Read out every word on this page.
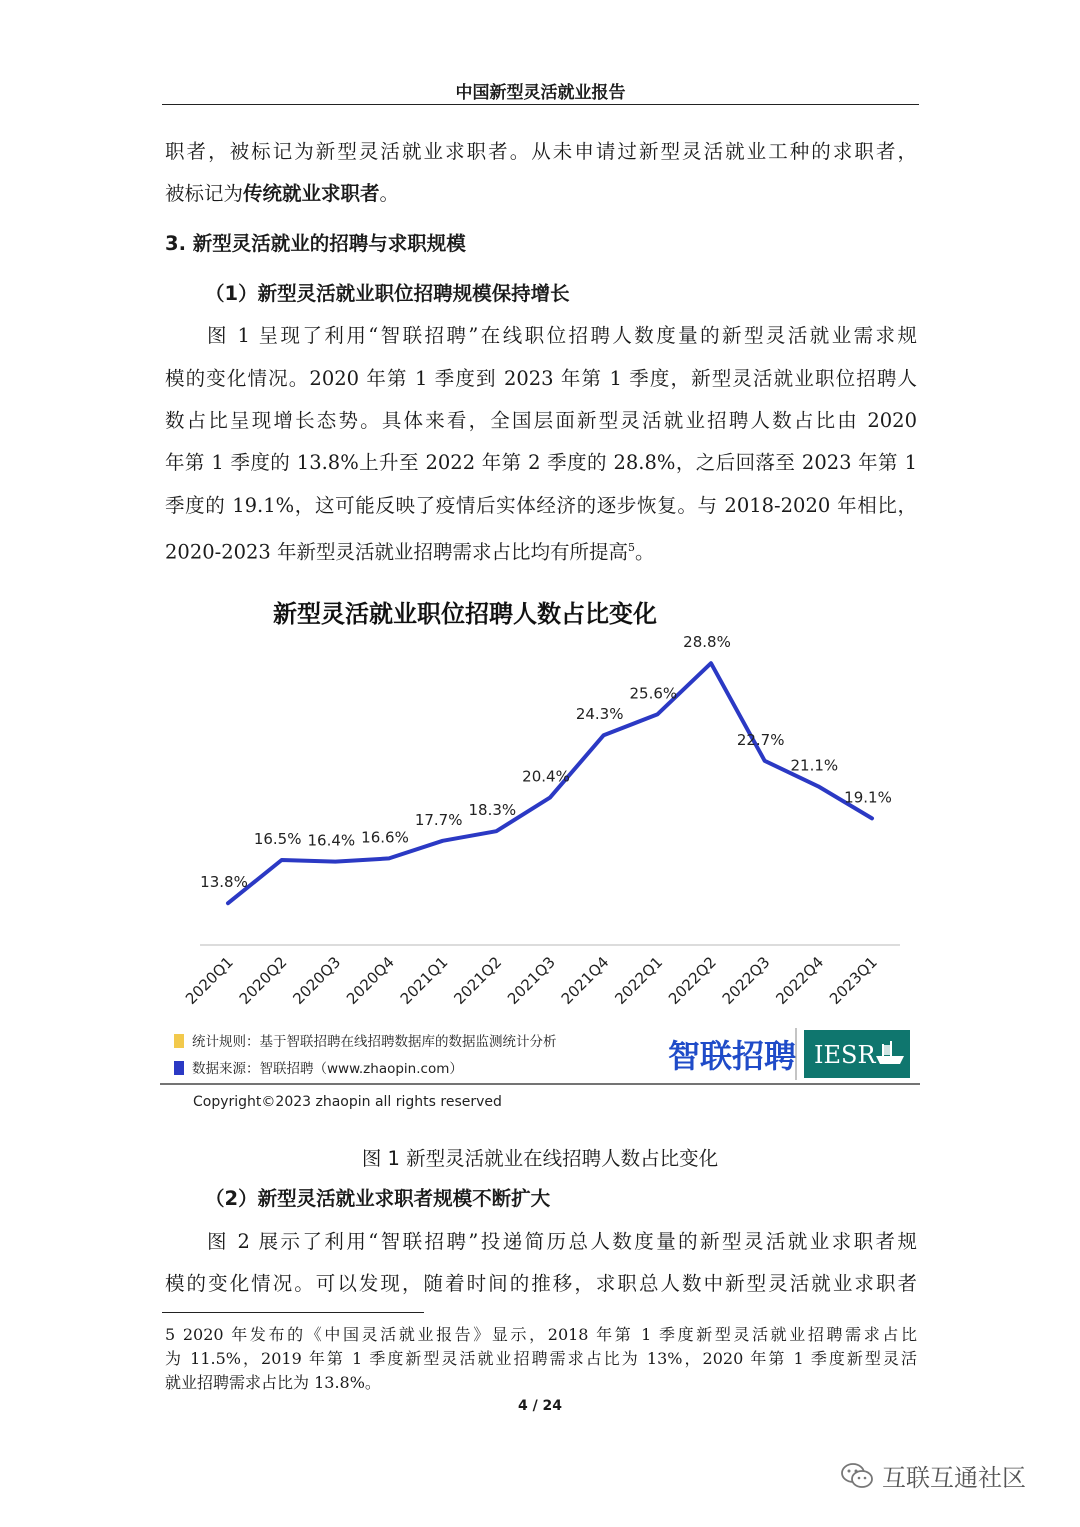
中国新型灵活就业报告
职者，被标记为新型灵活就业求职者。从未申请过新型灵活就业工种的求职者，
被标记为传统就业求职者。
3. 新型灵活就业的招聘与求职规模
（1）新型灵活就业职位招聘规模保持增长
图 1 呈现了利用“智联招聘”在线职位招聘人数度量的新型灵活就业需求规
模的变化情况。2020 年第 1 季度到 2023 年第 1 季度，新型灵活就业职位招聘人
数占比呈现增长态势。具体来看，全国层面新型灵活就业招聘人数占比由 2020
年第 1 季度的 13.8%上升至 2022 年第 2 季度的 28.8%，之后回落至 2023 年第 1
季度的 19.1%，这可能反映了疫情后实体经济的逐步恢复。与 2018-2020 年相比，
2020-2023 年新型灵活就业招聘需求占比均有所提高$^5$。
新型灵活就业职位招聘人数占比变化
13.8%
16.5% 16.4% 16.6%
17.7%
18.3%
20.4%
24.3%
25.6%
28.8%
22.7%
21.1%
19.1%
2020Q1
2020Q2
2020Q3
2020Q4
2021Q1
2021Q2
2021Q3
2021Q4
2022Q1
2022Q2
2022Q3
2022Q4
2023Q1
统计规则：基于智联招聘在线招聘数据库的数据监测统计分析
数据来源：智联招聘（www.zhaopin.com）	智联招聘 IESR
Copyright©2023 zhaopin all rights reserved
图 1 新型灵活就业在线招聘人数占比变化
（2）新型灵活就业求职者规模不断扩大
图 2 展示了利用“智联招聘”投递简历总人数度量的新型灵活就业求职者规
模的变化情况。可以发现，随着时间的推移，求职总人数中新型灵活就业求职者
5 2020 年发布的《中国灵活就业报告》显示，2018 年第 1 季度新型灵活就业招聘需求占比
为 11.5%，2019 年第 1 季度新型灵活就业招聘需求占比为 13%，2020 年第 1 季度新型灵活
就业招聘需求占比为 13.8%。
4 / 24
互联互通社区
